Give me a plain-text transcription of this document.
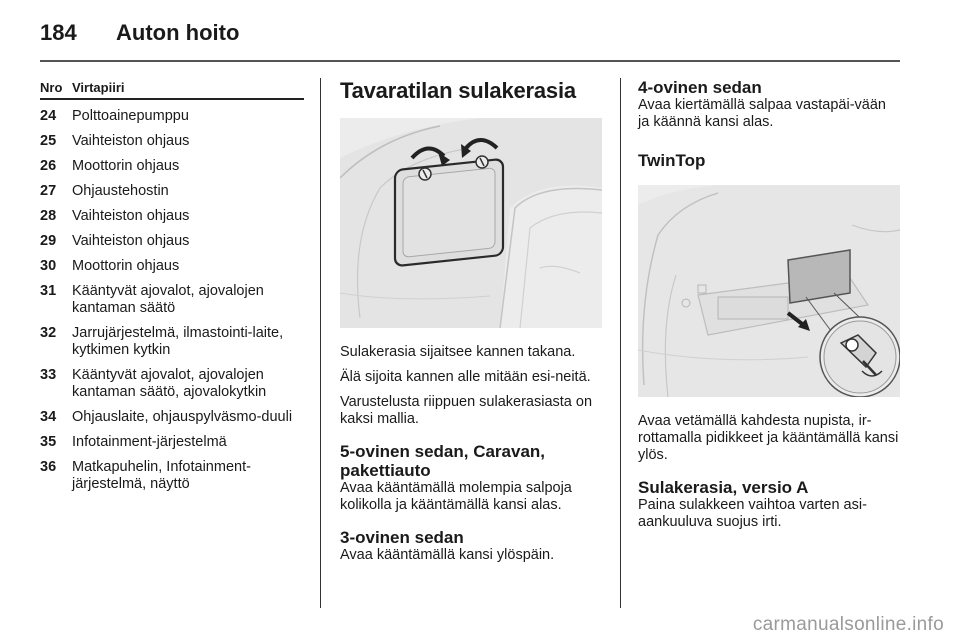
184	Auton hoito
Nro Virtapiiri
24	Polttoainepumppu
25	Vaihteiston ohjaus
26	Moottorin ohjaus
27	Ohjaustehostin
28	Vaihteiston ohjaus
29	Vaihteiston ohjaus
30	Moottorin ohjaus
31	Kääntyvät ajovalot, ajovalojen kantaman säätö
32	Jarrujärjestelmä, ilmastointi-laite, kytkimen kytkin
33	Kääntyvät ajovalot, ajovalojen kantaman säätö, ajovalokytkin
34	Ohjauslaite, ohjauspylväsmo-duuli
35	Infotainment-järjestelmä
36	Matkapuhelin, Infotainment-järjestelmä, näyttö
Tavaratilan sulakerasia

Sulakerasia sijaitsee kannen takana.

Älä sijoita kannen alle mitään esi-neitä.

Varustelusta riippuen sulakerasiasta on kaksi mallia.

5-ovinen sedan, Caravan, pakettiauto

Avaa kääntämällä molempia salpoja kolikolla ja kääntämällä kansi alas.

3-ovinen sedan

Avaa kääntämällä kansi ylöspäin.

4-ovinen sedan

Avaa kiertämällä salpaa vastapäi-vään ja käännä kansi alas.

TwinTop

Avaa vetämällä kahdesta nupista, ir-rottamalla pidikkeet ja kääntämällä kansi ylös.

Sulakerasia, versio A

Paina sulakkeen vaihtoa varten asi-aankuuluva suojus irti.

carmanualsonline.info
